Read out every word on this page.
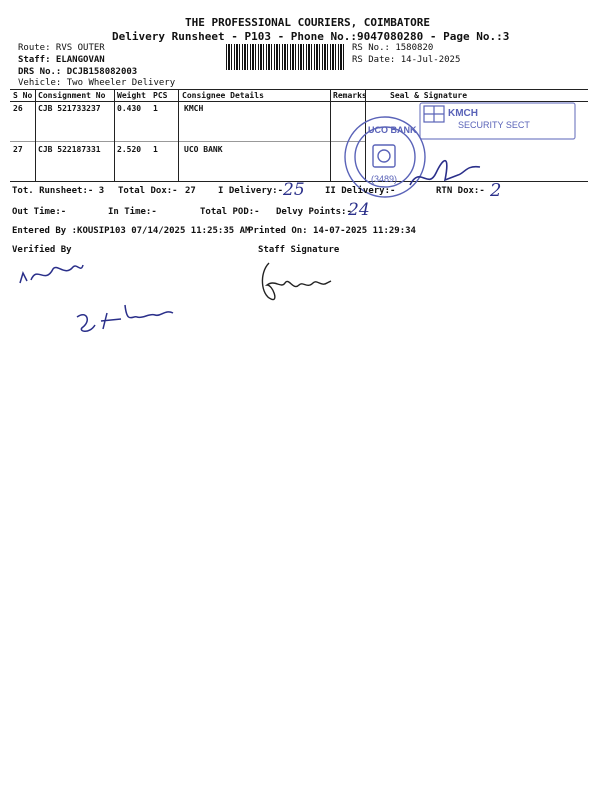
THE PROFESSIONAL COURIERS, COIMBATORE
Delivery Runsheet - P103 - Phone No.:9047080280 - Page No.:3
Route: RVS OUTER
Staff: ELANGOVAN
DRS No.: DCJB158082003
Vehicle: Two Wheeler Delivery
RS No.: 1580820
RS Date: 14-Jul-2025
S No Consignment No Weight PCS Consignee Details	Remarks	Seal & Signature
26 CJB 521733237 0.430 1	KMCH
27 CJB 522187331 2.520 1	UCO BANK
KMCH
SECURITY SECT
UCO BANK
(3489)
Tot. Runsheet:- 3 Total Dox:- 27 I Delivery:- 25 II Delivery:-	RTN Dox:- 2
Out Time:-	In Time:-	Total POD:- Delvy Points:-
24
Entered By :KOUSIP103 07/14/2025 11:25:35 AM
Printed On: 14-07-2025 11:29:34
Verified By	Staff Signature
